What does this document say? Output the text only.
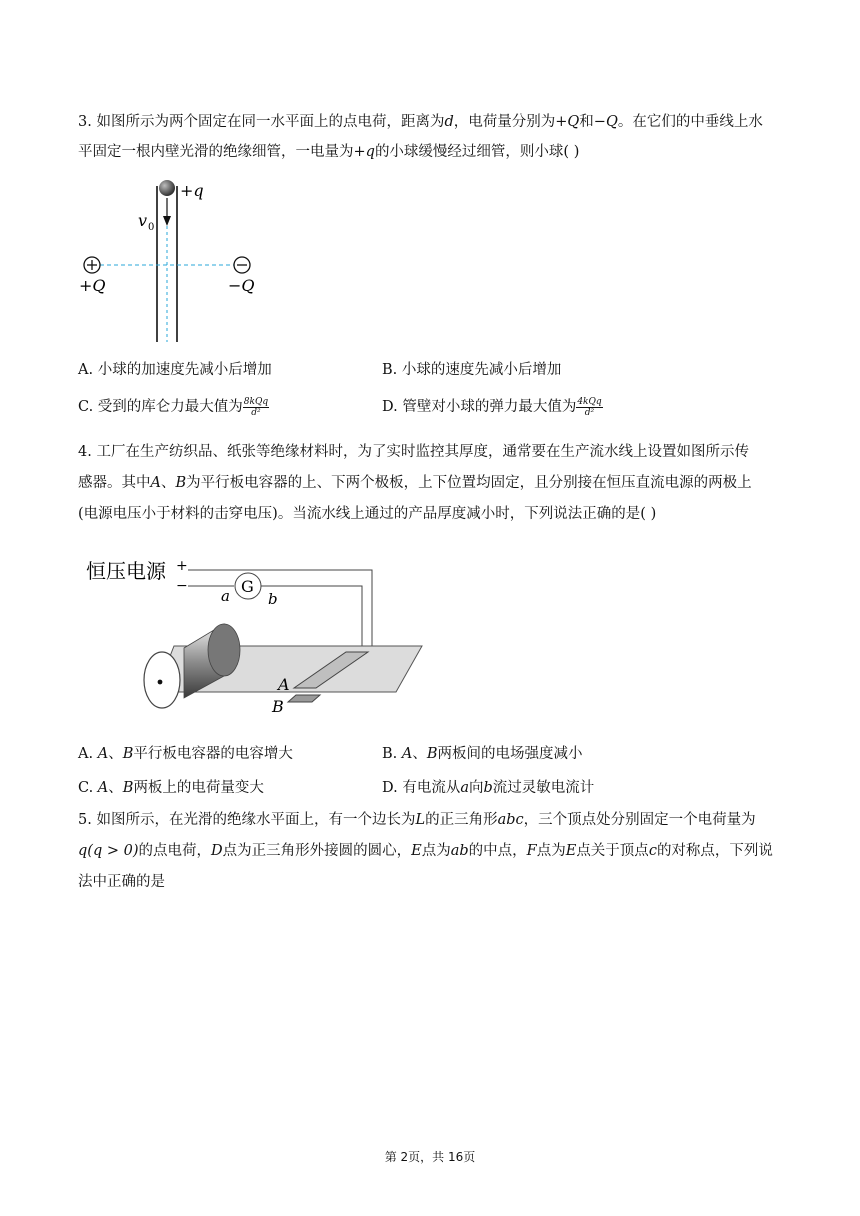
3. 如图所示为两个固定在同一水平面上的点电荷，距离为d，电荷量分别为+Q和−Q。在它们的中垂线上水
平固定一根内壁光滑的绝缘细管，一电量为+q的小球缓慢经过细管，则小球( )
+q
v 0
+Q	−Q
A. 小球的加速度先减小后增加	B. 小球的速度先减小后增加
C. 受到的库仑力最大值为 $\frac{\text{8kQq}}{\text{d²}}$	D. 管壁对小球的弹力最大值为 $\frac{\text{4kQq}}{\text{d²}}$
4. 工厂在生产纺织品、纸张等绝缘材料时，为了实时监控其厚度，通常要在生产流水线上设置如图所示传
感器。其中A、B为平行板电容器的上、下两个极板，上下位置均固定，且分别接在恒压直流电源的两极上
(电源电压小于材料的击穿电压)。当流水线上通过的产品厚度减小时，下列说法正确的是( )
恒压电源 +
−	G
a	b
A
B
A. A、B平行板电容器的电容增大	B. A、B两板间的电场强度减小
C. A、B两板上的电荷量变大	D. 有电流从a向b流过灵敏电流计
5. 如图所示，在光滑的绝缘水平面上，有一个边长为L的正三角形abc，三个顶点处分别固定一个电荷量为
q(q > 0)的点电荷，D点为正三角形外接圆的圆心，E点为ab的中点，F点为E点关于顶点c的对称点，下列说
法中正确的是
第 2页，共 16页
